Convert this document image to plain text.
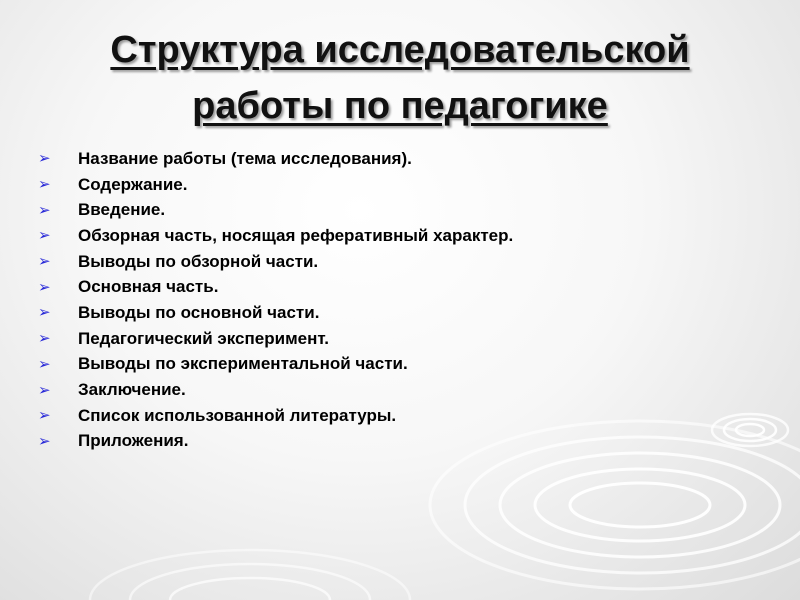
Структура исследовательской
работы по педагогике
➢	Название работы (тема исследования).
➢	Содержание.
➢	Введение.
➢	Обзорная часть, носящая реферативный характер.
➢	Выводы по обзорной части.
➢	Основная часть.
➢	Выводы по основной части.
➢	Педагогический эксперимент.
➢	Выводы по экспериментальной части.
➢	Заключение.
➢	Список использованной литературы.
➢	Приложения.
